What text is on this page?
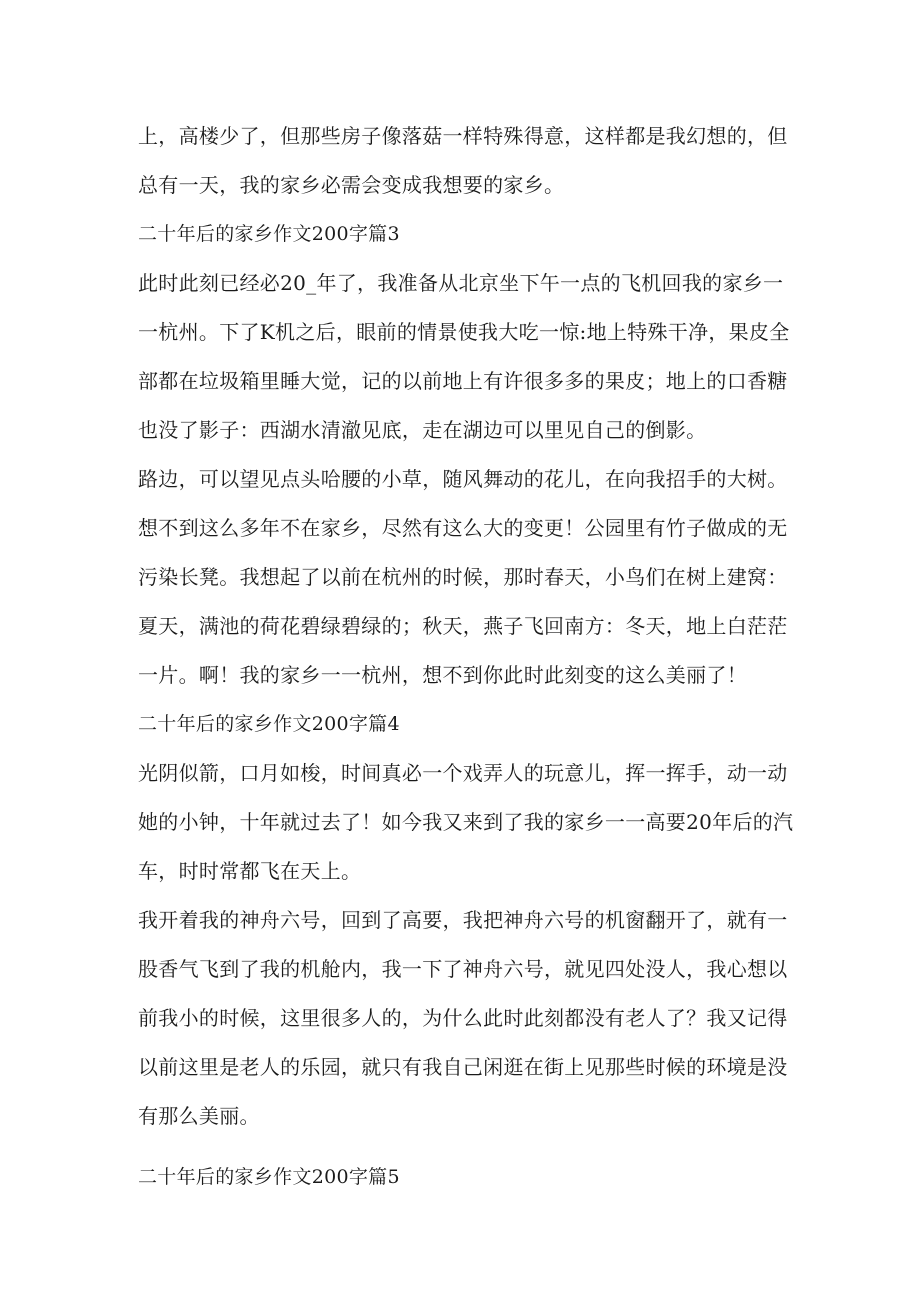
上，高楼少了，但那些房子像落菇一样特殊得意，这样都是我幻想的，但
总有一天，我的家乡必需会变成我想要的家乡。
二十年后的家乡作文200字篇3
此时此刻已经必20_年了，我准备从北京坐下午一点的飞机回我的家乡一
一杭州。下了K机之后，眼前的情景使我大吃一惊:地上特殊干净，果皮全
部都在垃圾箱里睡大觉，记的以前地上有许很多多的果皮；地上的口香糖
也没了影子：西湖水清澈见底，走在湖边可以里见自己的倒影。
路边，可以望见点头哈腰的小草，随风舞动的花儿，在向我招手的大树。
想不到这么多年不在家乡，尽然有这么大的变更！公园里有竹子做成的无
污染长凳。我想起了以前在杭州的时候，那时春天，小鸟们在树上建窝：
夏天，满池的荷花碧绿碧绿的；秋天，燕子飞回南方：冬天，地上白茫茫
一片。啊！我的家乡一一杭州，想不到你此时此刻变的这么美丽了！
二十年后的家乡作文200字篇4
光阴似箭，口月如梭，时间真必一个戏弄人的玩意儿，挥一挥手，动一动
她的小钟，十年就过去了！如今我又来到了我的家乡一一高要20年后的汽
车，时时常都飞在天上。
我开着我的神舟六号，回到了高要，我把神舟六号的机窗翻开了，就有一
股香气飞到了我的机舱内，我一下了神舟六号，就见四处没人，我心想以
前我小的时候，这里很多人的，为什么此时此刻都没有老人了？我又记得
以前这里是老人的乐园，就只有我自己闲逛在街上见那些时候的环境是没
有那么美丽。
二十年后的家乡作文200字篇5
